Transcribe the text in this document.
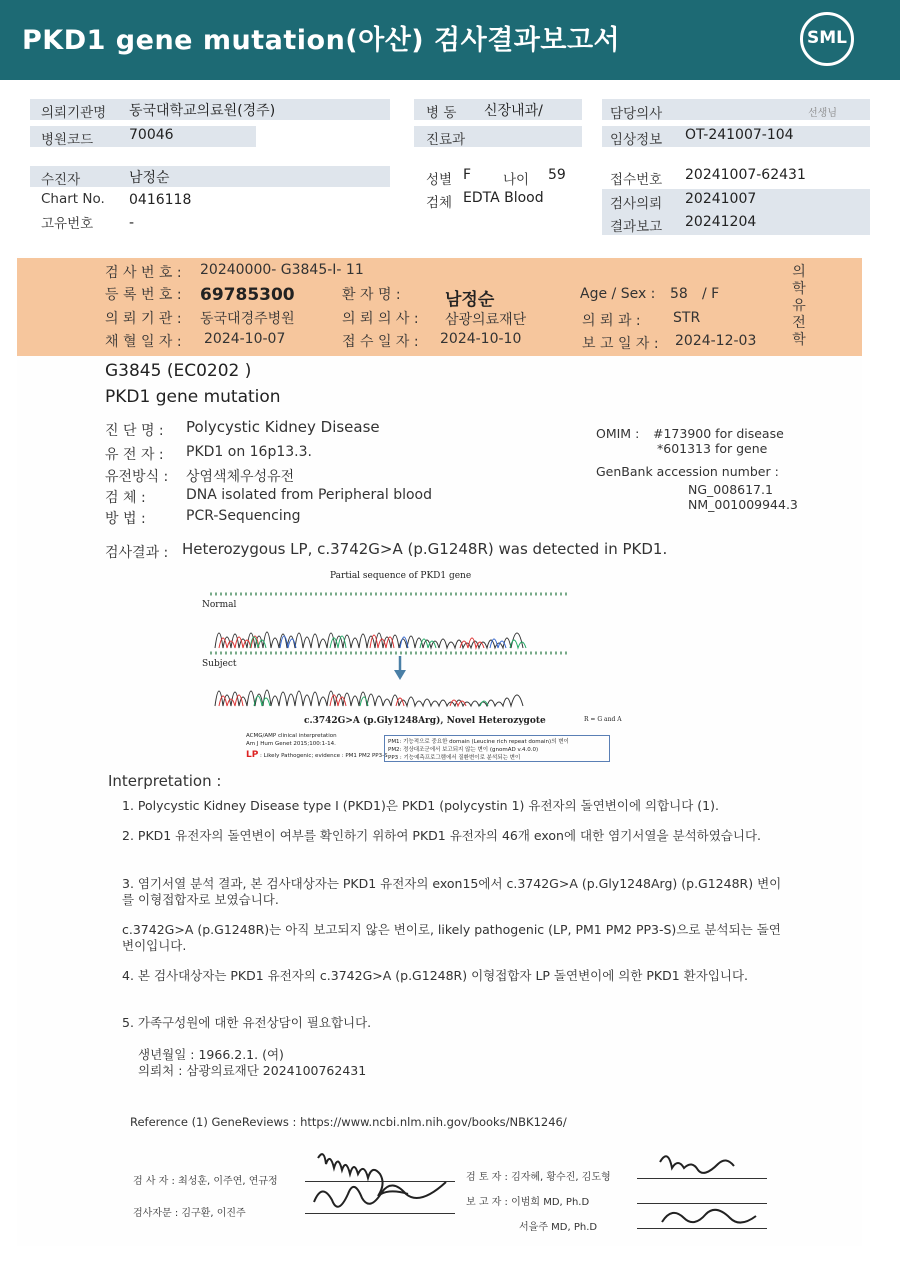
PKD1 gene mutation(아산) 검사결과보고서	SML
의뢰기관명 동국대학교의료원(경주)	병 동 신장내과/	담당의사	선생님
병원코드	70046	진료과	임상정보 OT-241007-104
수진자	남정순	성별 F 나이 59	접수번호 20241007-62431
Chart No. 0416118	검체 EDTA Blood	검사의뢰 20241007
고유번호	-	결과보고 20241204
검 사 번 호 : 20240000- G3845-I- 11
등 록 번 호 : 69785300	환 자 명 :	남정순	Age / Sex : 58 / F
의 뢰 기 관 : 동국대경주병원	의 뢰 의 사 : 삼광의료재단	의 뢰 과 : STR
채 혈 일 자 : 2024-10-07	접 수 일 자 : 2024-10-10	보 고 일 자 : 2024-12-03
의
학
유
전
학
G3845 (EC0202 )
PKD1 gene mutation
진 단 명 : Polycystic Kidney Disease
유 전 자 : PKD1 on 16p13.3.
유전방식 : 상염색체우성유전
검 체 :	DNA isolated from Peripheral blood
방 법 :	PCR-Sequencing
OMIM : #173900 for disease
*601313 for gene
GenBank accession number :
NG_008617.1
NM_001009944.3
검사결과 : Heterozygous LP, c.3742G>A (p.G1248R) was detected in PKD1.
Partial sequence of PKD1 gene
Normal
Subject
c.3742G>A (p.Gly1248Arg), Novel Heterozygote	R = G and A
ACMG/AMP clinical interpretation
Am J Hum Genet 2015;100:1-14.
LP : Likely Pathogenic; evidence : PM1 PM2 PP3-S
PM1: 기능적으로 중요한 domain (Leucine rich repeat domain)의 변이
PM2: 정상대조군에서 보고되지 않는 변이 (gnomAD v.4.0.0)
PP3 : 기능예측프로그램에서 질환변이로 분석되는 변이
Interpretation :
1. Polycystic Kidney Disease type I (PKD1)은 PKD1 (polycystin 1) 유전자의 돌연변이에 의합니다 (1).
2. PKD1 유전자의 돌연변이 여부를 확인하기 위하여 PKD1 유전자의 46개 exon에 대한 염기서열을 분석하였습니다.
3. 염기서열 분석 결과, 본 검사대상자는 PKD1 유전자의 exon15에서 c.3742G>A (p.Gly1248Arg) (p.G1248R) 변이를 이형접합자로 보였습니다.
c.3742G>A (p.G1248R)는 아직 보고되지 않은 변이로, likely pathogenic (LP, PM1 PM2 PP3-S)으로 분석되는 돌연변이입니다.
4. 본 검사대상자는 PKD1 유전자의 c.3742G>A (p.G1248R) 이형접합자 LP 돌연변이에 의한 PKD1 환자입니다.
5. 가족구성원에 대한 유전상담이 필요합니다.
생년월일 : 1966.2.1. (여)
의뢰처 : 삼광의료재단 2024100762431
Reference (1) GeneReviews : https://www.ncbi.nlm.nih.gov/books/NBK1246/
검 사 자 : 최성훈, 이주연, 연규정
검사자문 : 김구환, 이진주
검 토 자 : 김자혜, 황수진, 김도형
보 고 자 : 이범희 MD, Ph.D
서을주 MD, Ph.D
